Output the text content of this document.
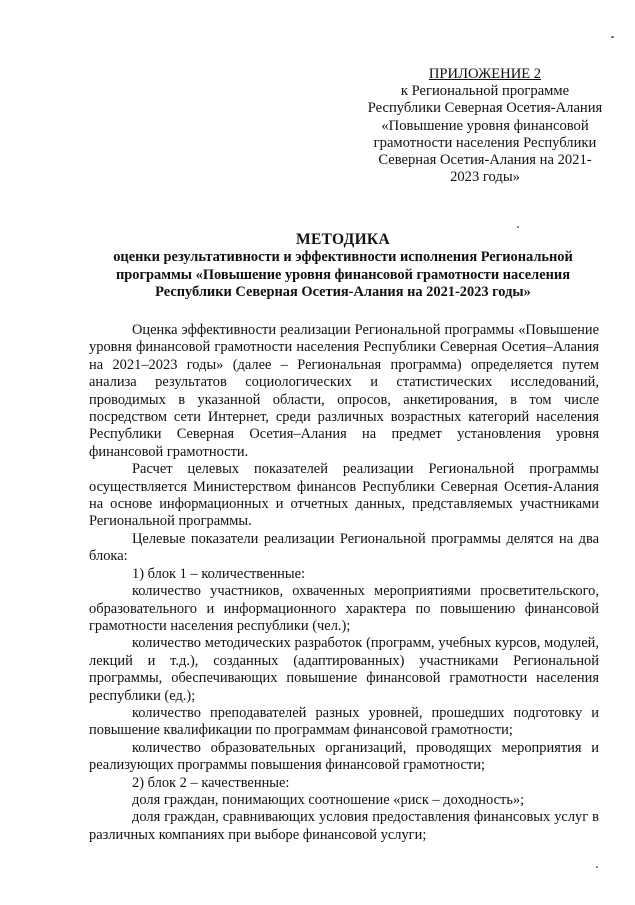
ПРИЛОЖЕНИЕ 2
к Региональной программе
Республики Северная Осетия-Алания
«Повышение уровня финансовой
грамотности населения Республики
Северная Осетия-Алания на 2021-
2023 годы»
МЕТОДИКА
оценки результативности и эффективности исполнения Региональной программы «Повышение уровня финансовой грамотности населения Республики Северная Осетия-Алания на 2021-2023 годы»

Оценка эффективности реализации Региональной программы «Повышение уровня финансовой грамотности населения Республики Северная Осетия–Алания на 2021–2023 годы» (далее – Региональная программа) определяется путем анализа результатов социологических и статистических исследований, проводимых в указанной области, опросов, анкетирования, в том числе посредством сети Интернет, среди различных возрастных категорий населения Республики Северная Осетия–Алания на предмет установления уровня финансовой грамотности.

Расчет целевых показателей реализации Региональной программы осуществляется Министерством финансов Республики Северная Осетия-Алания на основе информационных и отчетных данных, представляемых участниками Региональной программы.

Целевые показатели реализации Региональной программы делятся на два блока:

1) блок 1 – количественные:

количество участников, охваченных мероприятиями просветительского, образовательного и информационного характера по повышению финансовой грамотности населения республики (чел.);

количество методических разработок (программ, учебных курсов, модулей, лекций и т.д.), созданных (адаптированных) участниками Региональной программы, обеспечивающих повышение финансовой грамотности населения республики (ед.);

количество преподавателей разных уровней, прошедших подготовку и повышение квалификации по программам финансовой грамотности;

количество образовательных организаций, проводящих мероприятия и реализующих программы повышения финансовой грамотности;

2) блок 2 – качественные:

доля граждан, понимающих соотношение «риск – доходность»;

доля граждан, сравнивающих условия предоставления финансовых услуг в различных компаниях при выборе финансовой услуги;
